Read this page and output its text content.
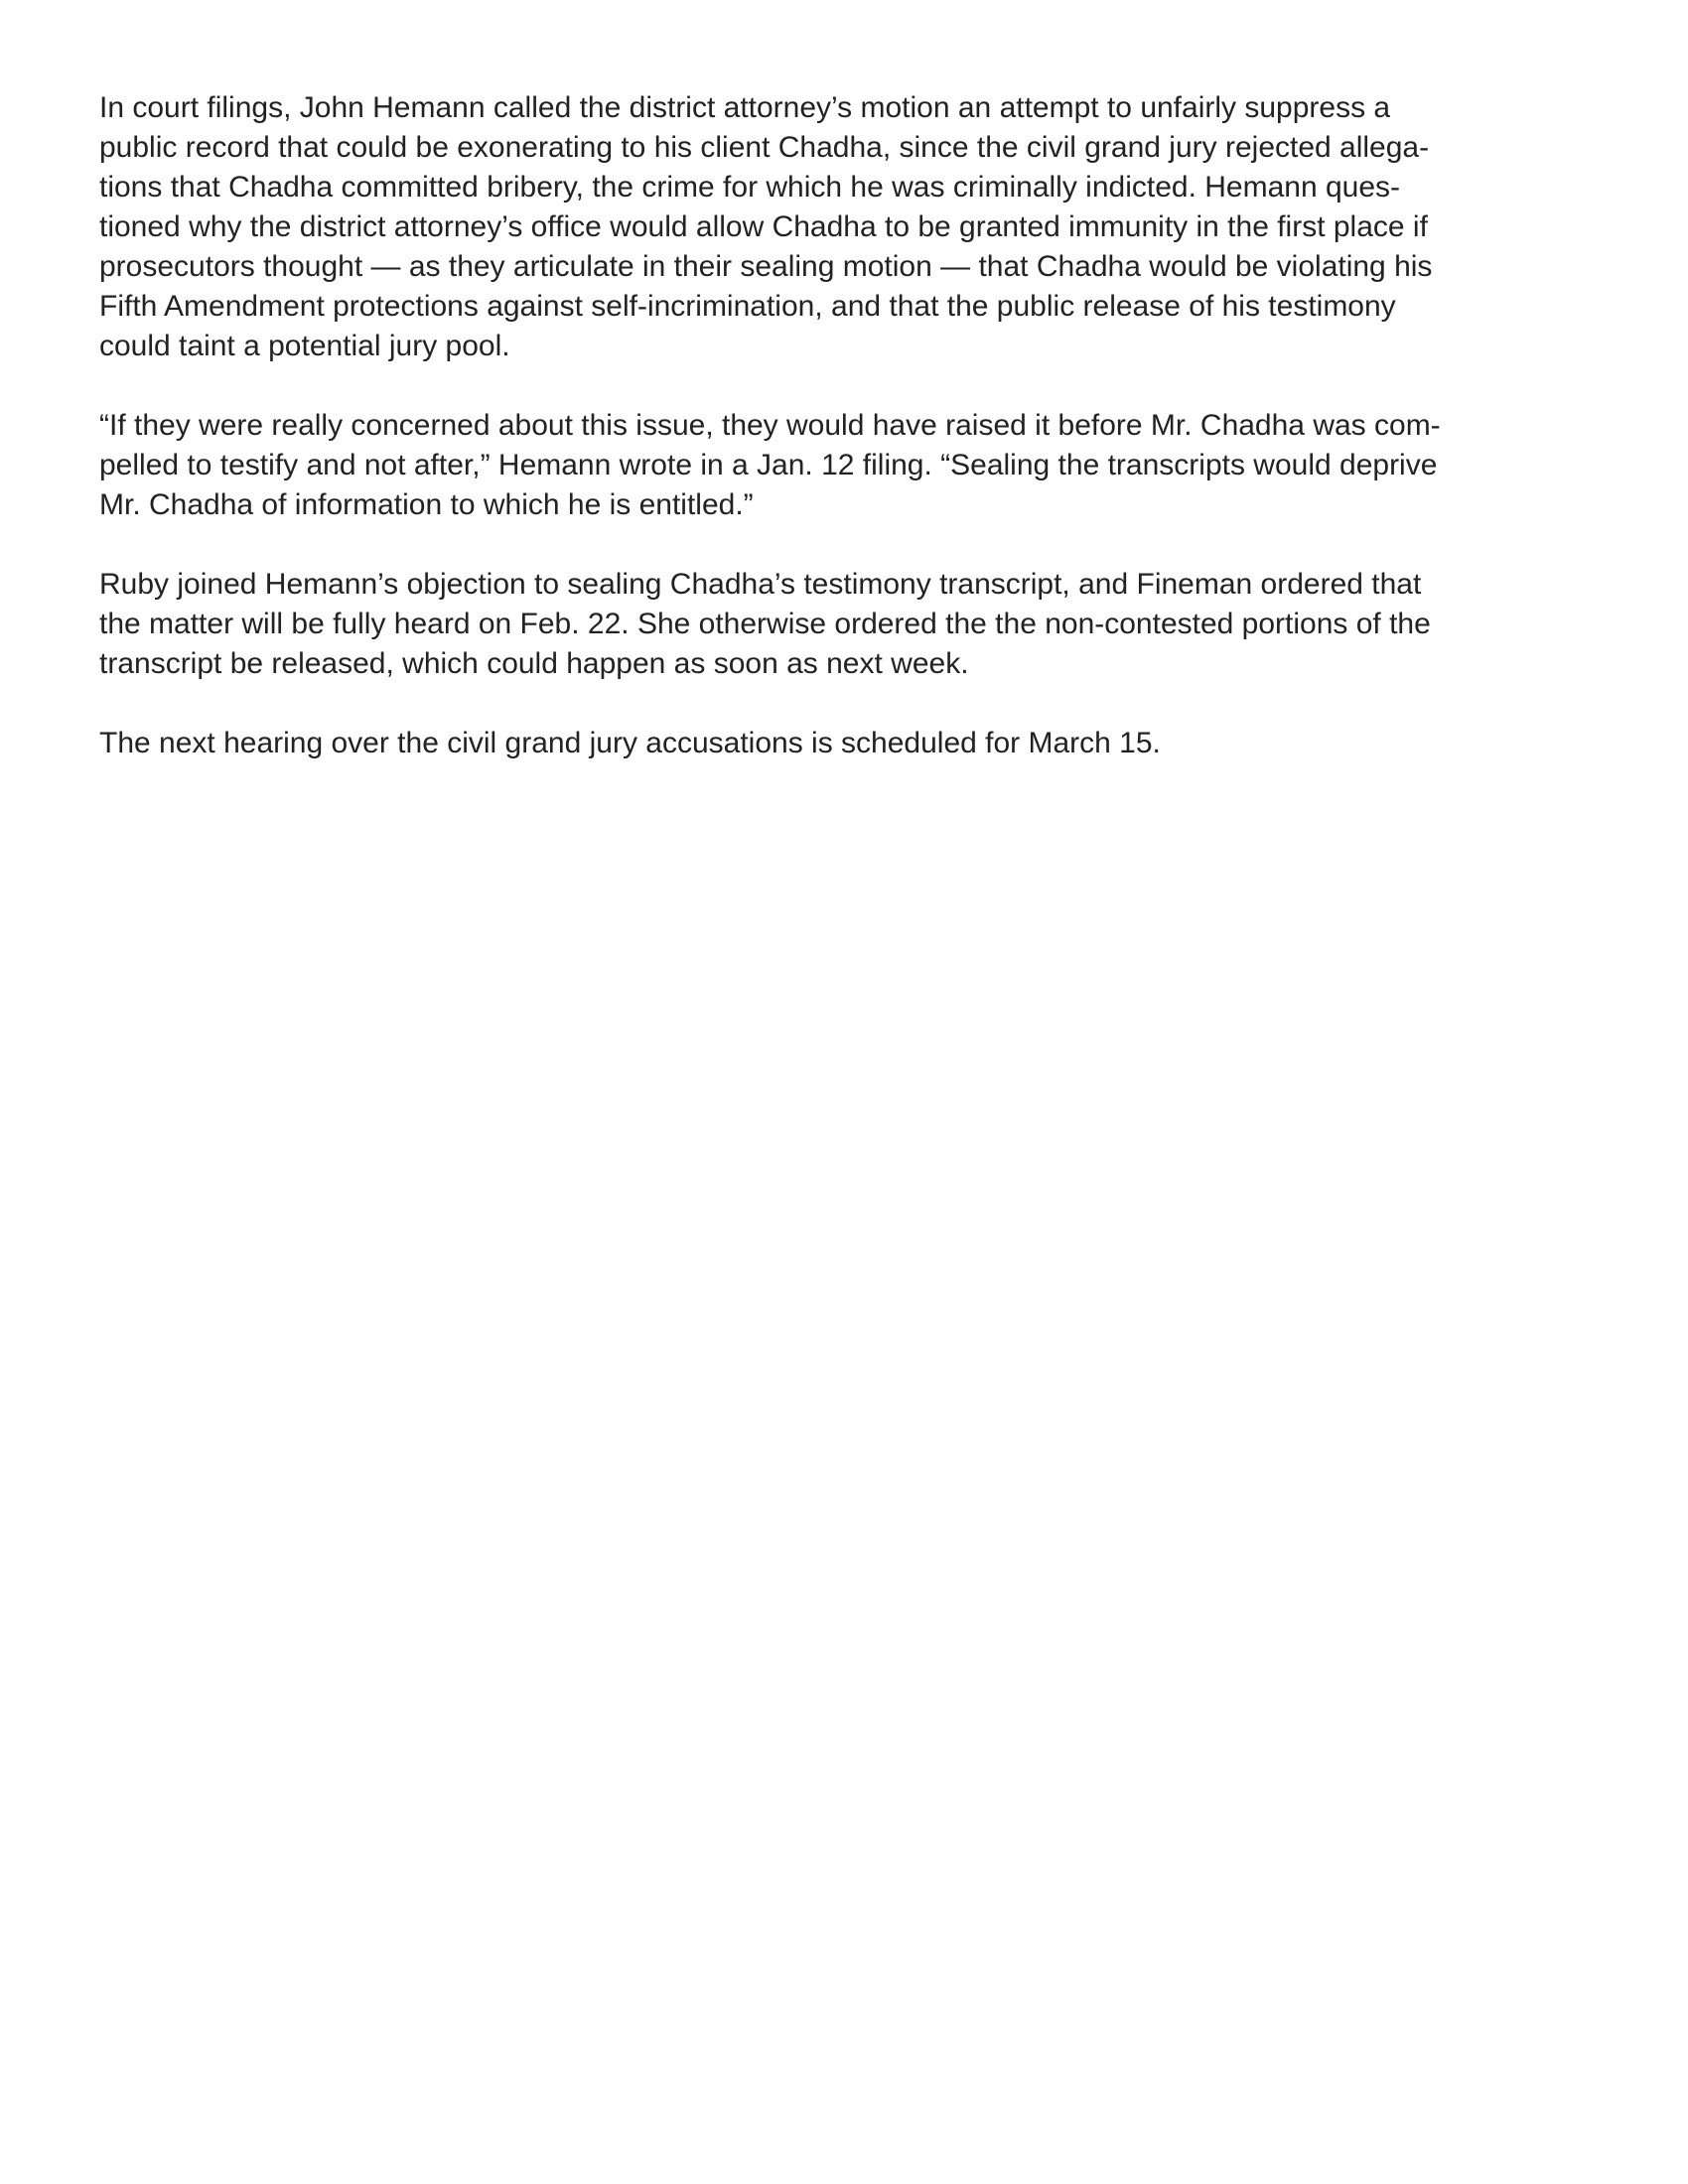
In court filings, John Hemann called the district attorney’s motion an attempt to unfairly suppress a
public record that could be exonerating to his client Chadha, since the civil grand jury rejected allega-
tions that Chadha committed bribery, the crime for which he was criminally indicted. Hemann ques-
tioned why the district attorney’s office would allow Chadha to be granted immunity in the first place if
prosecutors thought — as they articulate in their sealing motion — that Chadha would be violating his
Fifth Amendment protections against self-incrimination, and that the public release of his testimony
could taint a potential jury pool.

“If they were really concerned about this issue, they would have raised it before Mr. Chadha was com-
pelled to testify and not after,” Hemann wrote in a Jan. 12 filing. “Sealing the transcripts would deprive
Mr. Chadha of information to which he is entitled.”

Ruby joined Hemann’s objection to sealing Chadha’s testimony transcript, and Fineman ordered that
the matter will be fully heard on Feb. 22. She otherwise ordered the the non-contested portions of the
transcript be released, which could happen as soon as next week.

The next hearing over the civil grand jury accusations is scheduled for March 15.
